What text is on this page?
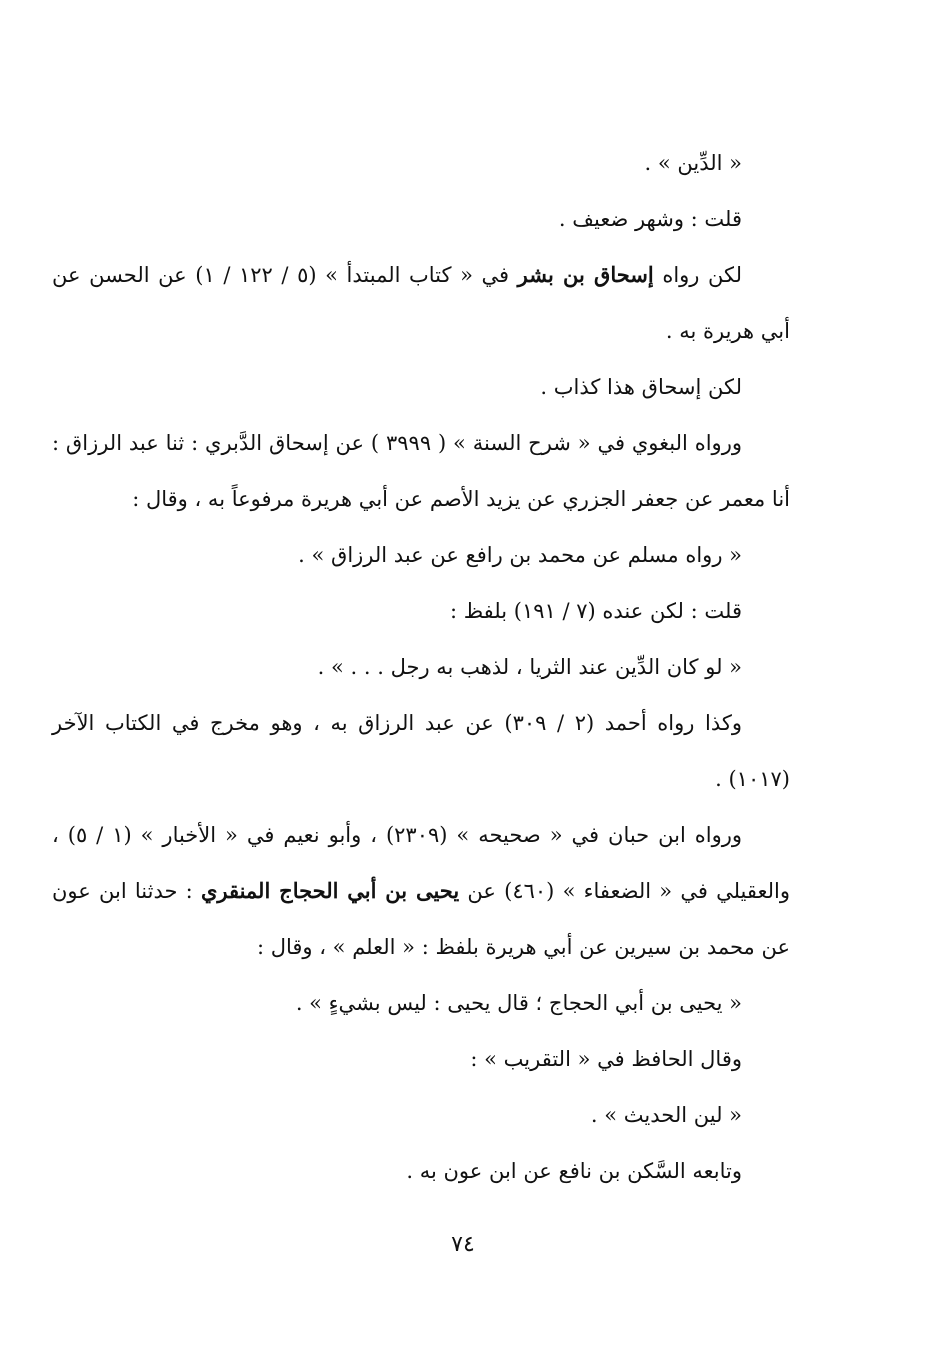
« الدِّين » .

قلت : وشهر ضعيف .

لكن رواه إسحاق بن بشر في « كتاب المبتدأ » (٥ / ١٢٢ / ١) عن الحسن عن أبي هريرة به .

لكن إسحاق هذا كذاب .

ورواه البغوي في « شرح السنة » ( ٣٩٩٩ ) عن إسحاق الدَّبري : ثنا عبد الرزاق : أنا معمر عن جعفر الجزري عن يزيد الأصم عن أبي هريرة مرفوعاً به ، وقال :

« رواه مسلم عن محمد بن رافع عن عبد الرزاق » .

قلت : لكن عنده (٧ / ١٩١) بلفظ :

« لو كان الدِّين عند الثريا ، لذهب به رجل . . . » .

وكذا رواه أحمد (٢ / ٣٠٩) عن عبد الرزاق به ، وهو مخرج في الكتاب الآخر (١٠١٧) .

ورواه ابن حبان في « صحيحه » (٢٣٠٩) ، وأبو نعيم في « الأخبار » (١ / ٥) ، والعقيلي في « الضعفاء » (٤٦٠) عن يحيى بن أبي الحجاج المنقري : حدثنا ابن عون عن محمد بن سيرين عن أبي هريرة بلفظ : « العلم » ، وقال :

« يحيى بن أبي الحجاج ؛ قال يحيى : ليس بشيءٍ » .

وقال الحافظ في « التقريب » :

« لين الحديث » .

وتابعه السَّكن بن نافع عن ابن عون به .

٧٤
